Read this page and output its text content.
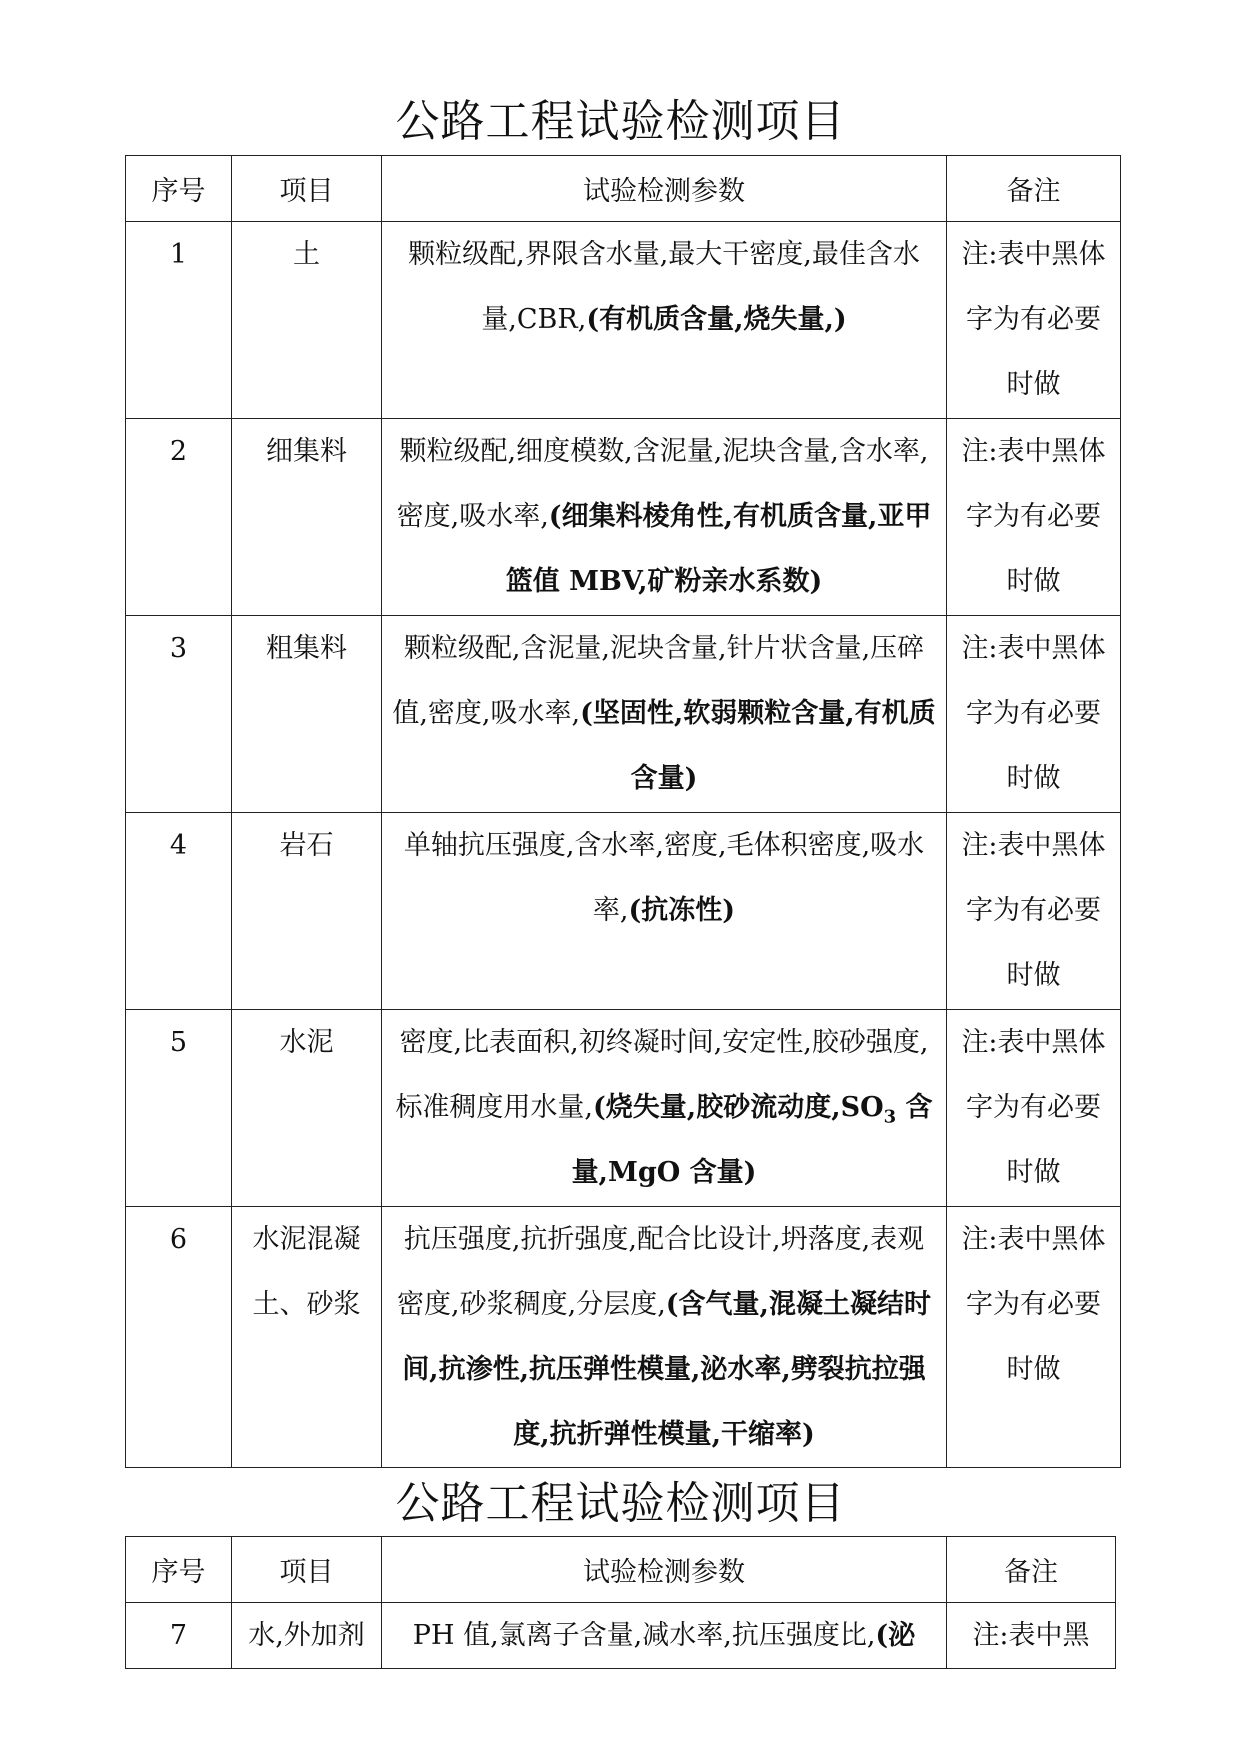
公路工程试验检测项目
序号	项目	试验检测参数	备注
1	土	颗粒级配,界限含水量,最大干密度,最佳含水量,CBR,(有机质含量,烧失量,)	注:表中黑体字为有必要时做

2	细集料	颗粒级配,细度模数,含泥量,泥块含量,含水率,密度,吸水率,(细集料棱角性,有机质含量,亚甲篮值 MBV,矿粉亲水系数)	注:表中黑体字为有必要时做

3	粗集料	颗粒级配,含泥量,泥块含量,针片状含量,压碎值,密度,吸水率,(坚固性,软弱颗粒含量,有机质含量)	注:表中黑体字为有必要时做

4	岩石	单轴抗压强度,含水率,密度,毛体积密度,吸水率,(抗冻性)	注:表中黑体字为有必要时做

5	水泥	密度,比表面积,初终凝时间,安定性,胶砂强度,标准稠度用水量,(烧失量,胶砂流动度$,SO_3$ 含量,MgO 含量)	注:表中黑体字为有必要时做

6	水泥混凝土、砂浆	抗压强度,抗折强度,配合比设计,坍落度,表观密度,砂浆稠度,分层度,(含气量,混凝土凝结时间,抗渗性,抗压弹性模量,泌水率,劈裂抗拉强度,抗折弹性模量,干缩率)	注:表中黑体字为有必要时做
公路工程试验检测项目
序号	项目	试验检测参数	备注
7	水,外加剂	PH 值,氯离子含量,减水率,抗压强度比,(泌	注:表中黑
